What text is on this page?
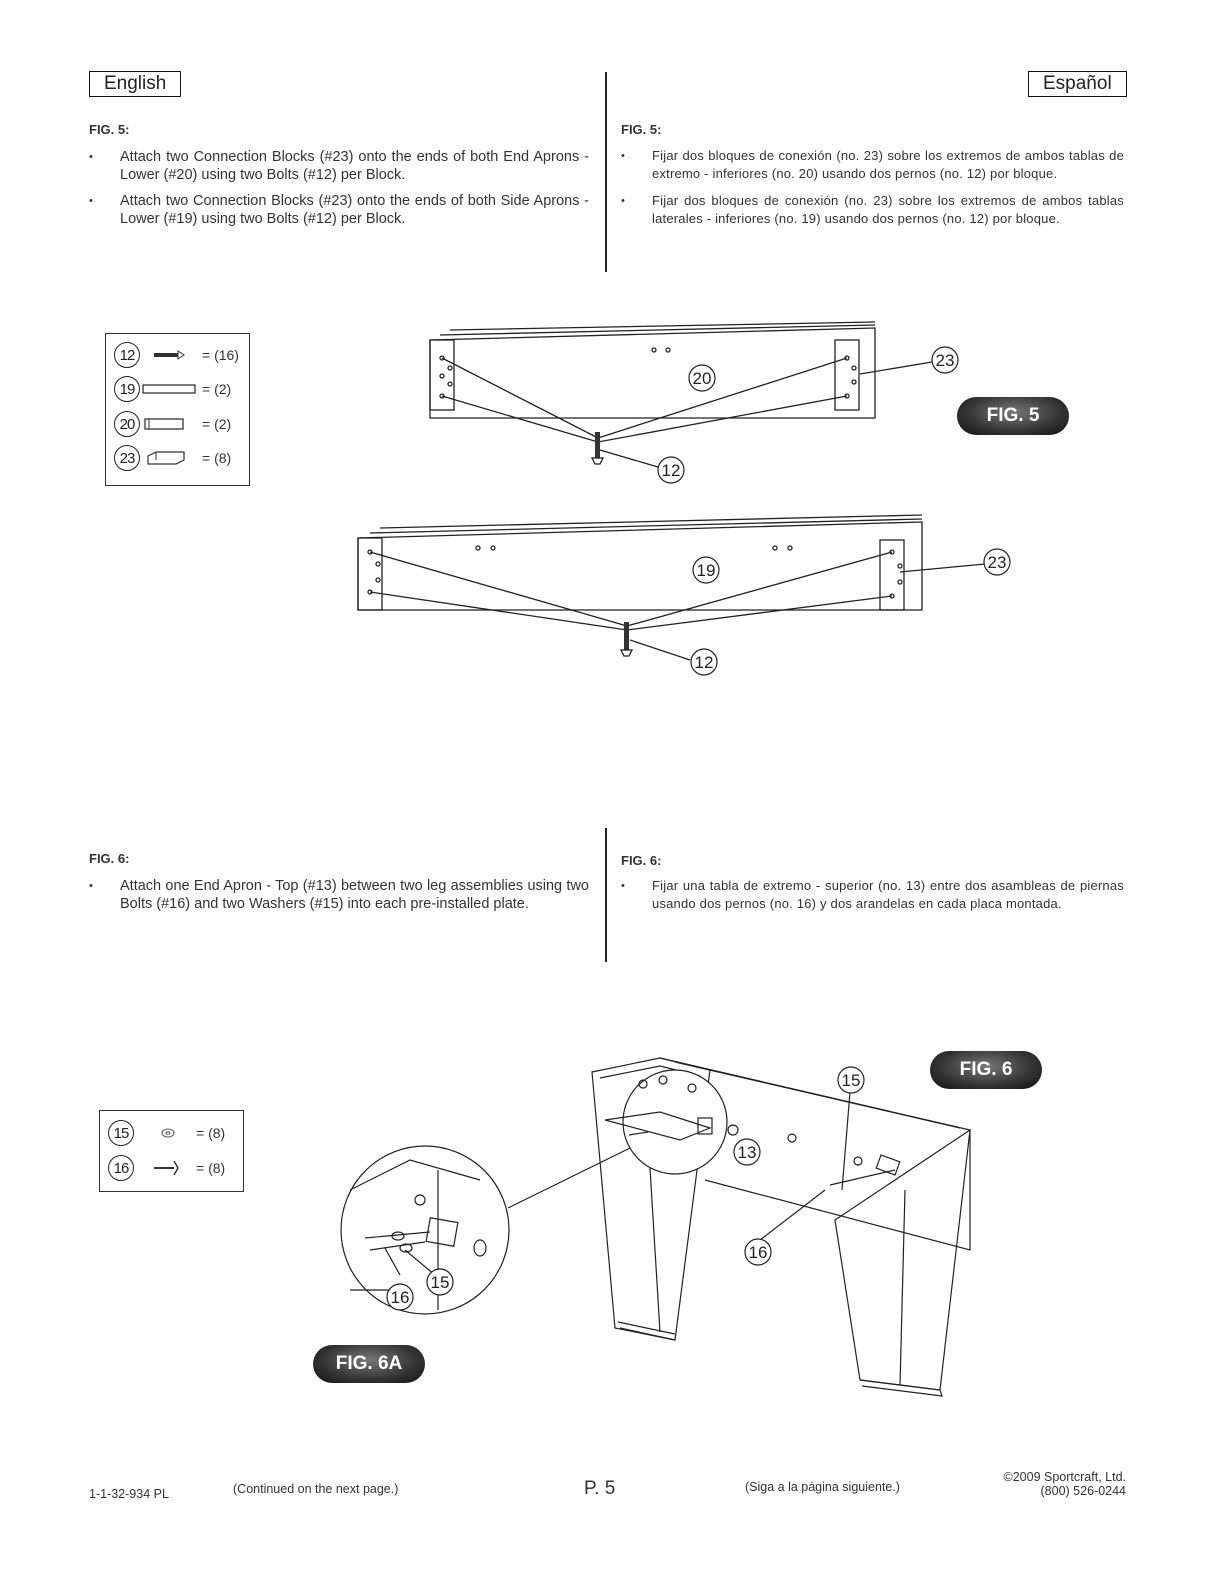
English	Español
FIG. 5:

• Attach two Connection Blocks (#23) onto the ends of both End Aprons - Lower (#20) using two Bolts (#12) per Block.

• Attach two Connection Blocks (#23) onto the ends of both Side Aprons - Lower (#19) using two Bolts (#12) per Block.

FIG. 5:

• Fijar dos bloques de conexión (no. 23) sobre los extremos de ambos tablas de extremo - inferiores (no. 20) usando dos pernos (no. 12) por bloque.

• Fijar dos bloques de conexión (no. 23) sobre los extremos de ambos tablas laterales - inferiores (no. 19) usando dos pernos (no. 12) por bloque.

12	= (16)
19	= (2)
20	= (2)
23	= (8)
20
23
12
19	23
12
FIG. 5
FIG. 6:

• Attach one End Apron - Top (#13) between two leg assemblies using two Bolts (#16) and two Washers (#15) into each pre-installed plate.

FIG. 6:

• Fijar una tabla de extremo - superior (no. 13) entre dos asambleas de piernas usando dos pernos (no. 16) y dos arandelas en cada placa montada.

15	= (8)
16	= (8)
15
13
16
16
15
FIG. 6
FIG. 6A
1-1-32-934 PL	(Continued on the next page.)	P. 5	(Siga a la página siguiente.)
©2009 Sportcraft, Ltd.
(800) 526-0244
